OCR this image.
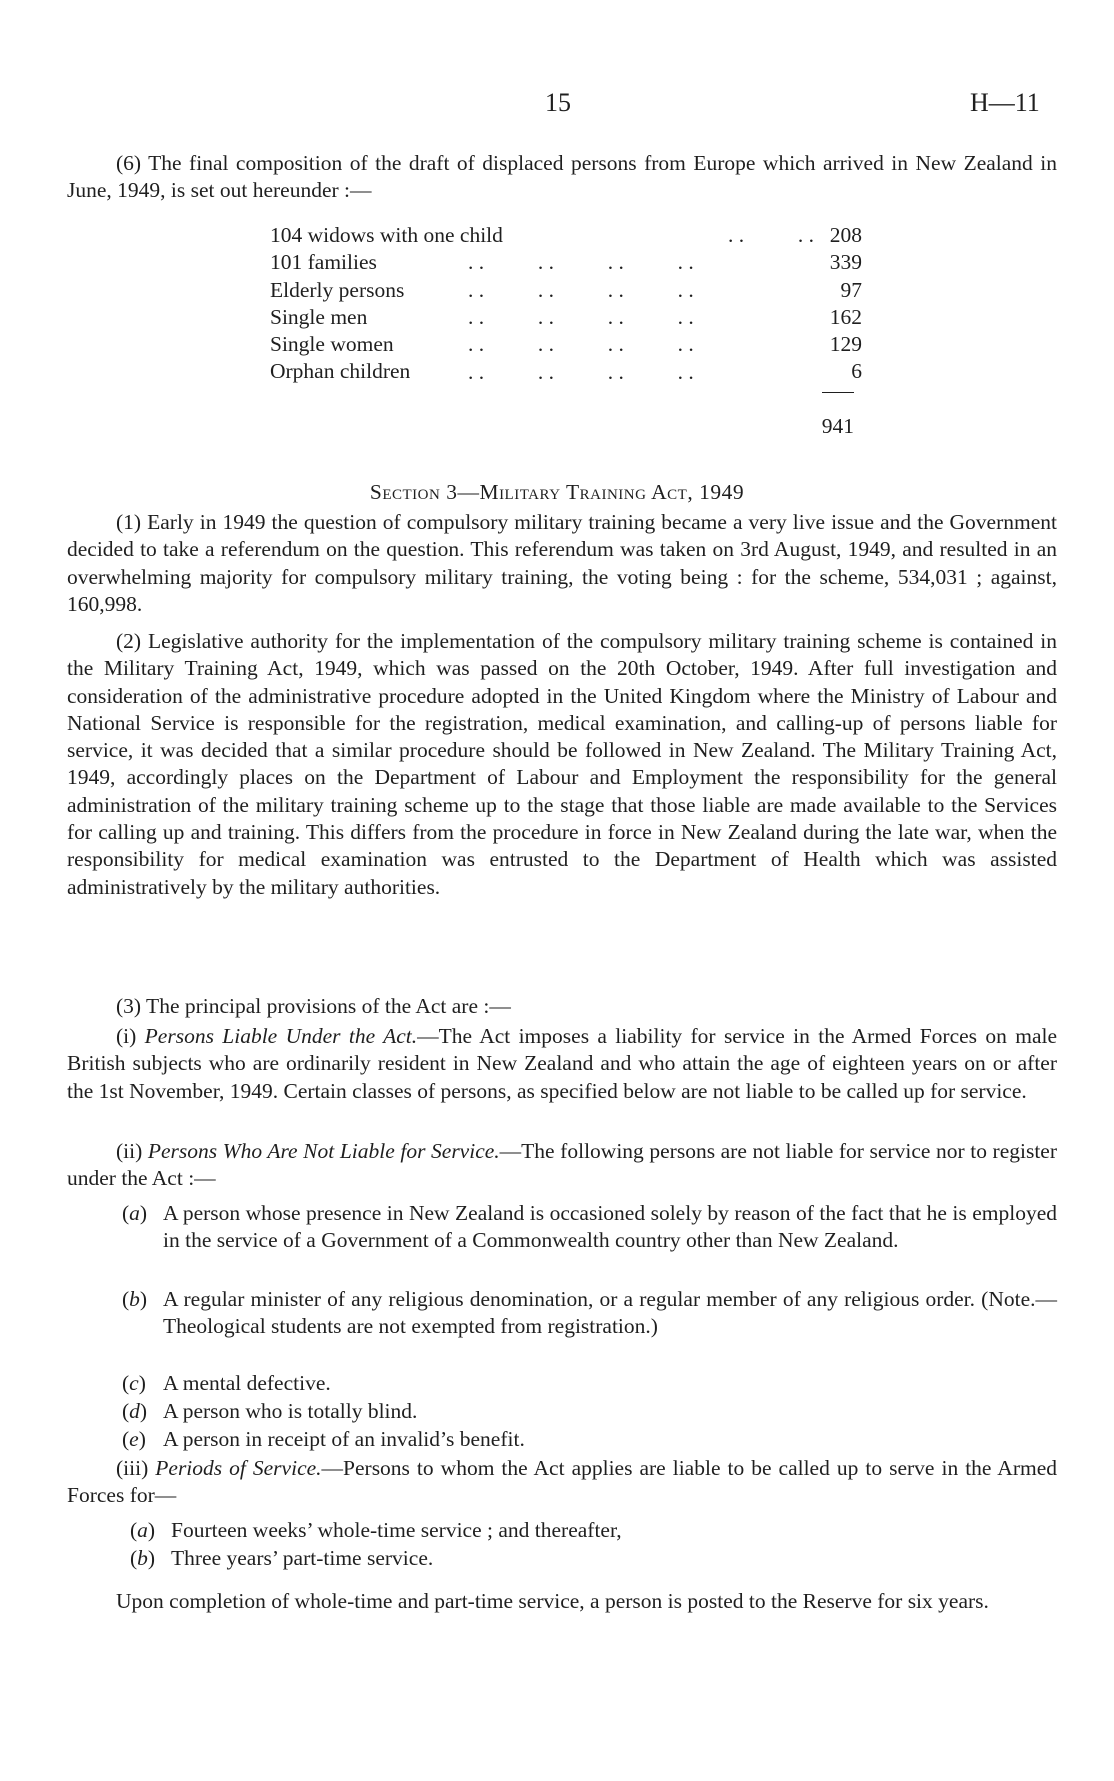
15	H—11

(6) The final composition of the draft of displaced persons from Europe which arrived in New Zealand in June, 1949, is set out hereunder :—

104 widows with one child	208
101 families	339
Elderly persons	97
Single men	162
Single women	129
Orphan children	6
. .          . .
. .          . .          . .          . .
. .          . .          . .          . .
. .          . .          . .          . .
. .          . .          . .          . .
. .          . .          . .          . .
941
Section 3—Military Training Act, 1949

(1) Early in 1949 the question of compulsory military training became a very live issue and the Government decided to take a referendum on the question. This referendum was taken on 3rd August, 1949, and resulted in an overwhelming majority for compulsory military training, the voting being : for the scheme, 534,031 ; against, 160,998.

(2) Legislative authority for the implementation of the compulsory military training scheme is contained in the Military Training Act, 1949, which was passed on the 20th October, 1949. After full investigation and consideration of the administrative procedure adopted in the United Kingdom where the Ministry of Labour and National Service is responsible for the registration, medical examination, and calling-up of persons liable for service, it was decided that a similar procedure should be followed in New Zealand. The Military Training Act, 1949, accordingly places on the Department of Labour and Employment the responsibility for the general administration of the military training scheme up to the stage that those liable are made available to the Services for calling up and training. This differs from the procedure in force in New Zealand during the late war, when the responsibility for medical examination was entrusted to the Department of Health which was assisted administratively by the military authorities.

(3) The principal provisions of the Act are :—

(i) Persons Liable Under the Act.—The Act imposes a liability for service in the Armed Forces on male British subjects who are ordinarily resident in New Zealand and who attain the age of eighteen years on or after the 1st November, 1949. Certain classes of persons, as specified below are not liable to be called up for service.

(ii) Persons Who Are Not Liable for Service.—The following persons are not liable for service nor to register under the Act :—

(a) A person whose presence in New Zealand is occasioned solely by reason of the fact that he is employed in the service of a Government of a Commonwealth country other than New Zealand.
(b) A regular minister of any religious denomination, or a regular member of any religious order. (Note.—Theological students are not exempted from registration.)
(c) A mental defective.
(d) A person who is totally blind.
(e) A person in receipt of an invalid’s benefit.

(iii) Periods of Service.—Persons to whom the Act applies are liable to be called up to serve in the Armed Forces for—

(a) Fourteen weeks’ whole-time service ; and thereafter,
(b) Three years’ part-time service.

Upon completion of whole-time and part-time service, a person is posted to the Reserve for six years.
